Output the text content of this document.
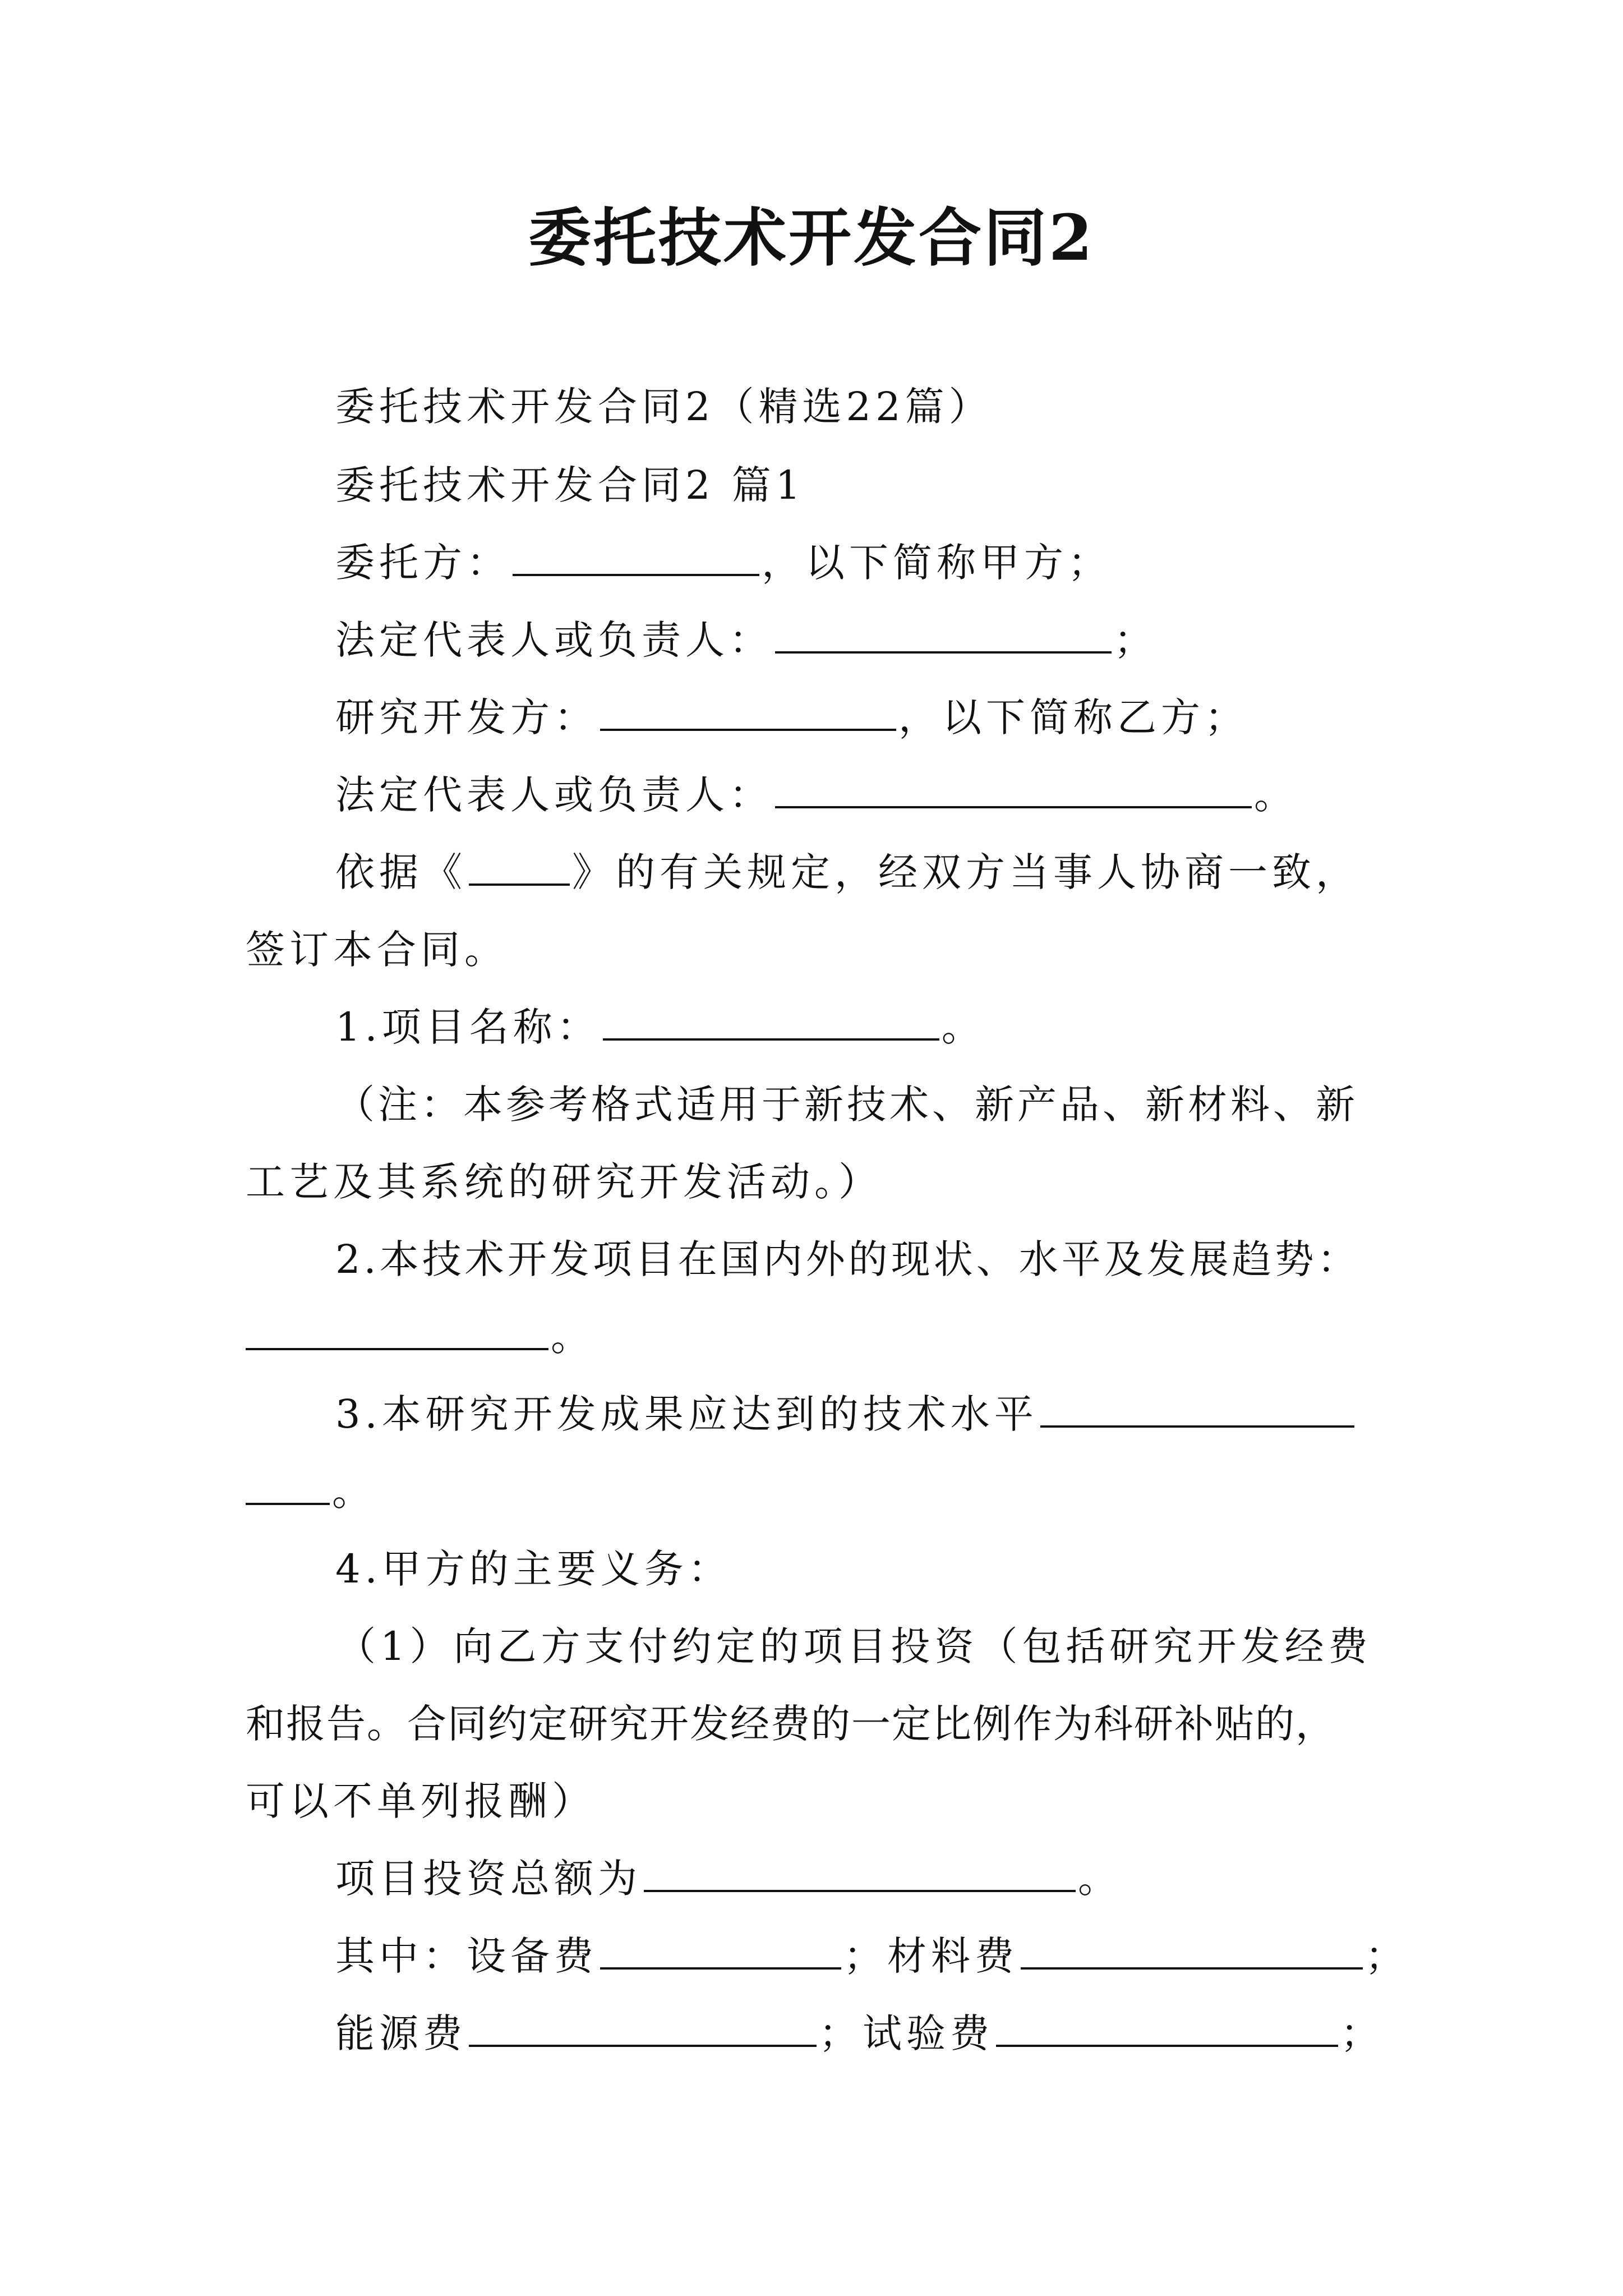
委托技术开发合同2
委托技术开发合同2（精选22篇）
委托技术开发合同2 篇1
委托方：	，以下简称甲方；
法定代表人或负责人：	；
研究开发方：	，以下简称乙方；
法定代表人或负责人：	。
依据《	》的有关规定，经双方当事人协商一致，
签订本合同。
1.项目名称：	。
（注：本参考格式适用于新技术、新产品、新材料、新
工艺及其系统的研究开发活动。）
2.本技术开发项目在国内外的现状、水平及发展趋势：
。
3.本研究开发成果应达到的技术水平
。
4.甲方的主要义务：
（1）向乙方支付约定的项目投资（包括研究开发经费
和报告。合同约定研究开发经费的一定比例作为科研补贴的，
可以不单列报酬）
项目投资总额为	。
其中：设备费	；材料费	；
能源费	；试验费	；
